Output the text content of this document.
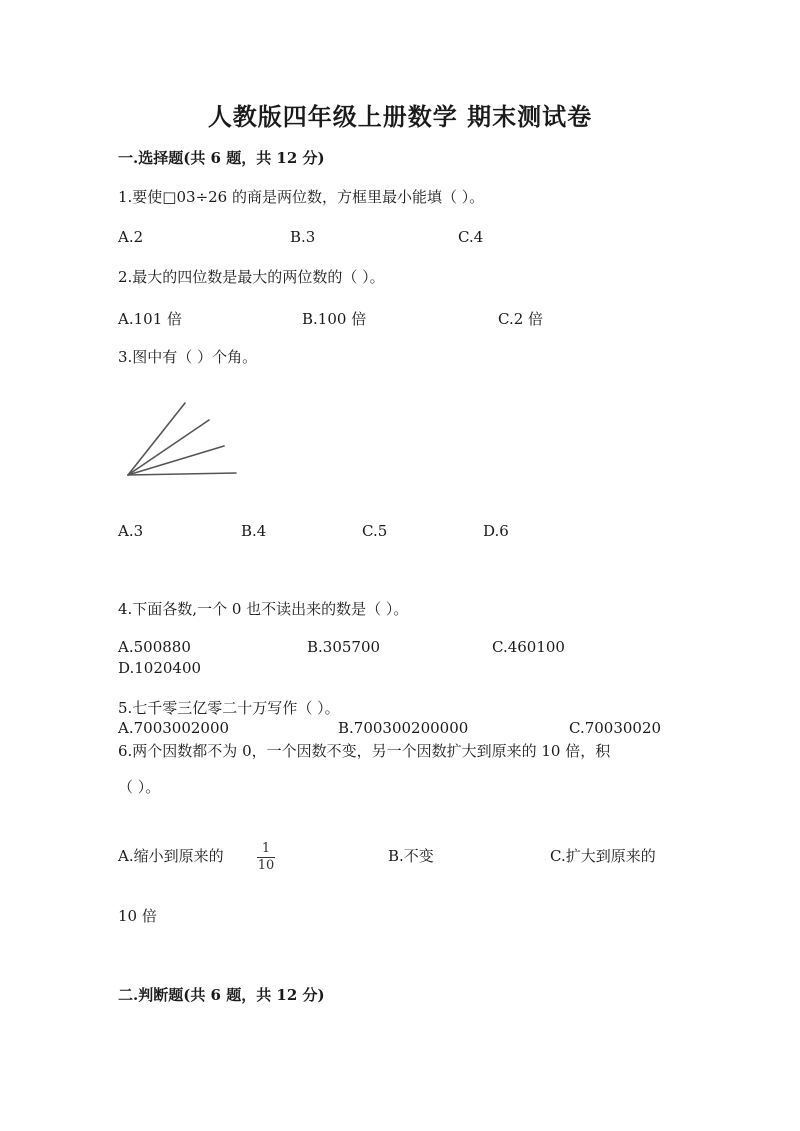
人教版四年级上册数学 期末测试卷
一.选择题(共 6 题，共 12 分)
1.要使□03÷26 的商是两位数，方框里最小能填（ ）。
A.2	B.3	C.4
2.最大的四位数是最大的两位数的（ ）。
A.101 倍	B.100 倍	C.2 倍
3.图中有（ ）个角。
A.3	B.4	C.5	D.6
4.下面各数,一个 0 也不读出来的数是（ ）。
A.500880	B.305700	C.460100
D.1020400
5.七千零三亿零二十万写作（ ）。
A.7003002000	B.700300200000	C.70030020
6.两个因数都不为 0，一个因数不变，另一个因数扩大到原来的 10 倍，积
（ ）。
A.缩小到原来的	1
10
B.不变	C.扩大到原来的
10 倍
二.判断题(共 6 题，共 12 分)
